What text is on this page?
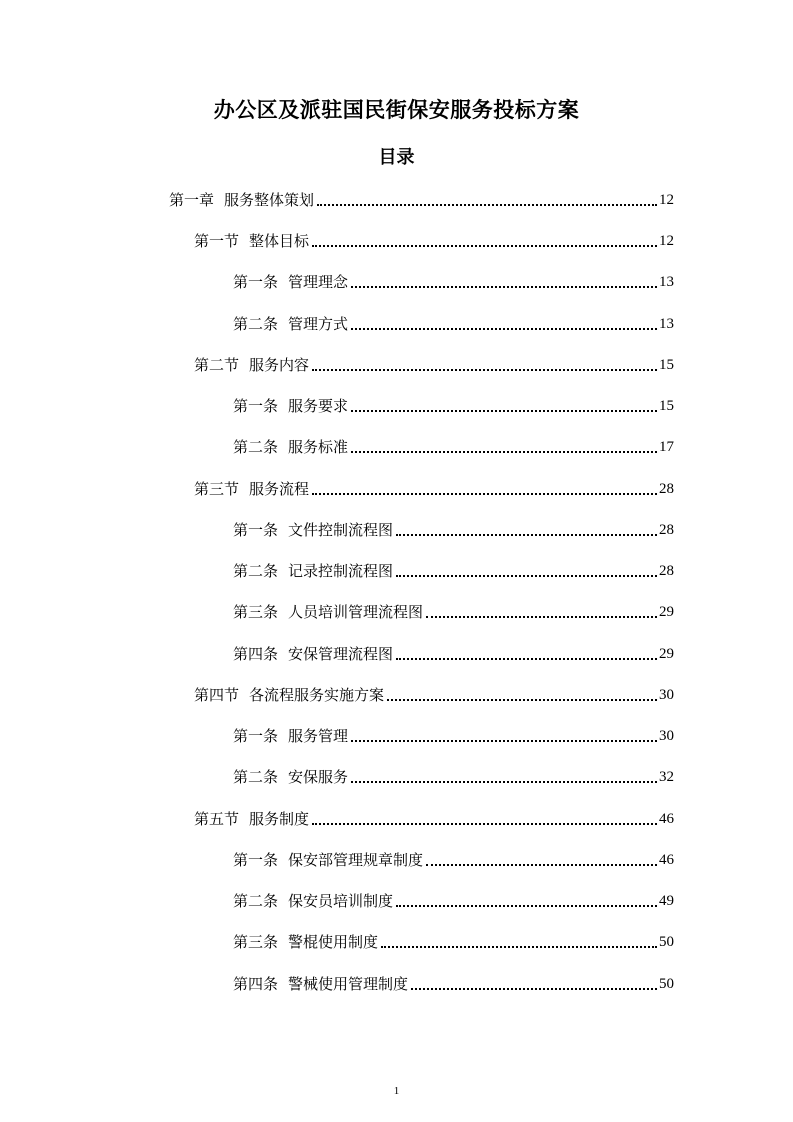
办公区及派驻国民街保安服务投标方案
目录
第一章 服务整体策划	12
第一节 整体目标	12
第一条 管理理念	13
第二条 管理方式	13
第二节 服务内容	15
第一条 服务要求	15
第二条 服务标准	17
第三节 服务流程	28
第一条 文件控制流程图	28
第二条 记录控制流程图	28
第三条 人员培训管理流程图	29
第四条 安保管理流程图	29
第四节 各流程服务实施方案	30
第一条 服务管理	30
第二条 安保服务	32
第五节 服务制度	46
第一条 保安部管理规章制度	46
第二条 保安员培训制度	49
第三条 警棍使用制度	50
第四条 警械使用管理制度	50
1
